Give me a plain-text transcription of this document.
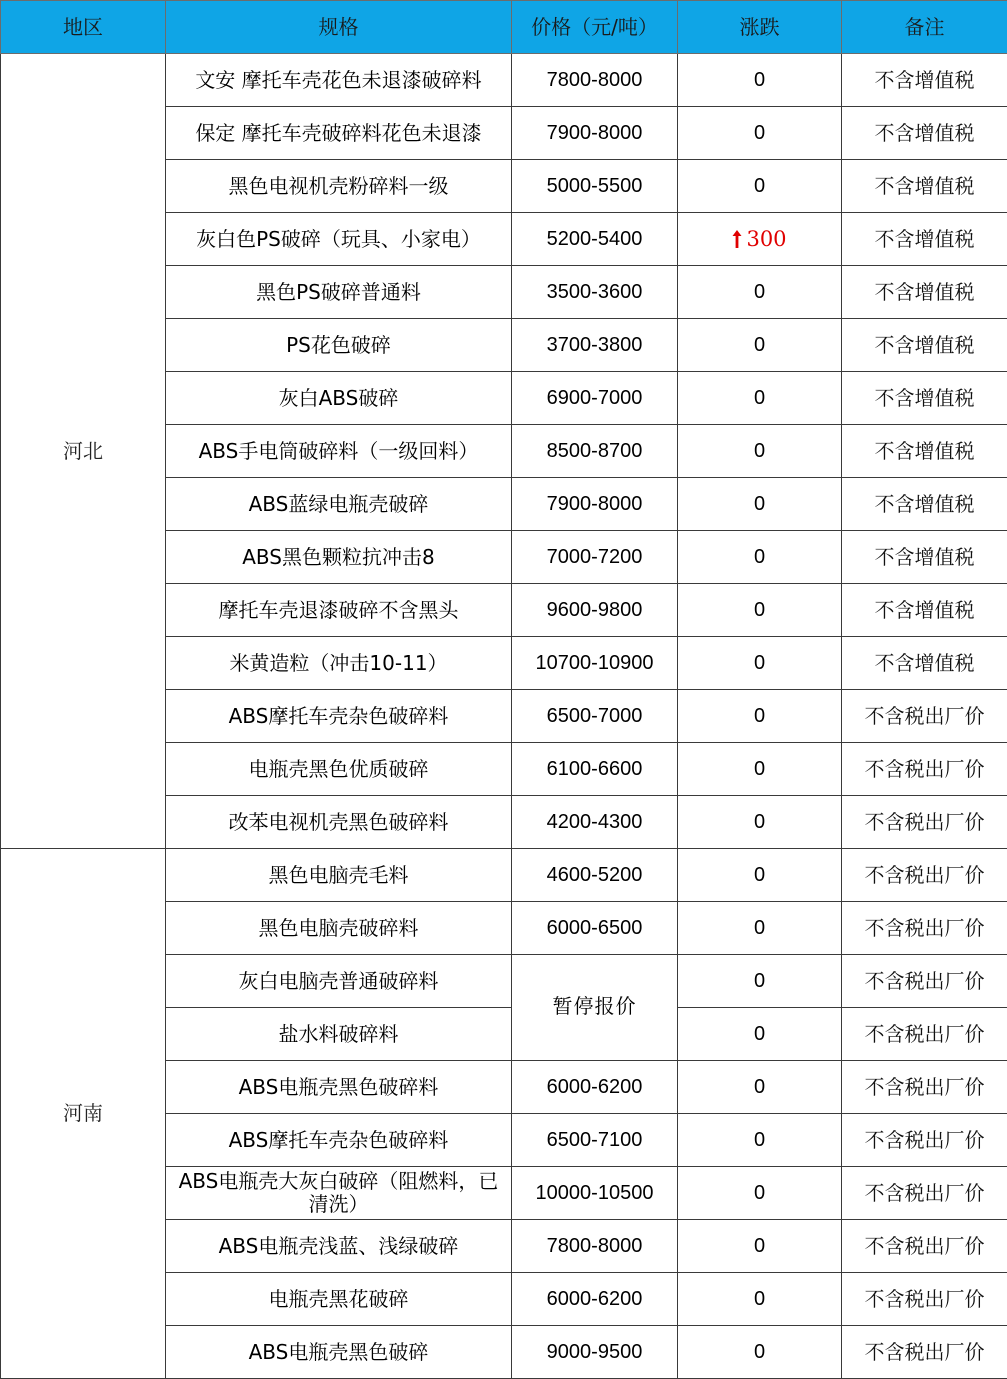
地区	规格	价格（元/吨）	涨跌	备注
河北	文安 摩托车壳花色未退漆破碎料	7800-8000	0	不含增值税
	保定 摩托车壳破碎料花色未退漆	7900-8000	0	不含增值税
	黑色电视机壳粉碎料一级	5000-5500	0	不含增值税
	灰白色PS破碎（玩具、小家电）	5200-5400	300	不含增值税
	黑色PS破碎普通料	3500-3600	0	不含增值税
	PS花色破碎	3700-3800	0	不含增值税
	灰白ABS破碎	6900-7000	0	不含增值税
	ABS手电筒破碎料（一级回料）	8500-8700	0	不含增值税
	ABS蓝绿电瓶壳破碎	7900-8000	0	不含增值税
	ABS黑色颗粒抗冲击8	7000-7200	0	不含增值税
	摩托车壳退漆破碎不含黑头	9600-9800	0	不含增值税
	米黄造粒（冲击10-11）	10700-10900	0	不含增值税
	ABS摩托车壳杂色破碎料	6500-7000	0	不含税出厂价
	电瓶壳黑色优质破碎	6100-6600	0	不含税出厂价
	改苯电视机壳黑色破碎料	4200-4300	0	不含税出厂价
河南	黑色电脑壳毛料	4600-5200	0	不含税出厂价
	黑色电脑壳破碎料	6000-6500	0	不含税出厂价
	灰白电脑壳普通破碎料	暂停报价	0	不含税出厂价
	盐水料破碎料		0	不含税出厂价
	ABS电瓶壳黑色破碎料	6000-6200	0	不含税出厂价
	ABS摩托车壳杂色破碎料	6500-7100	0	不含税出厂价
	ABS电瓶壳大灰白破碎（阻燃料，已清洗）	10000-10500	0	不含税出厂价
	ABS电瓶壳浅蓝、浅绿破碎	7800-8000	0	不含税出厂价
	电瓶壳黑花破碎	6000-6200	0	不含税出厂价
	ABS电瓶壳黑色破碎	9000-9500	0	不含税出厂价
